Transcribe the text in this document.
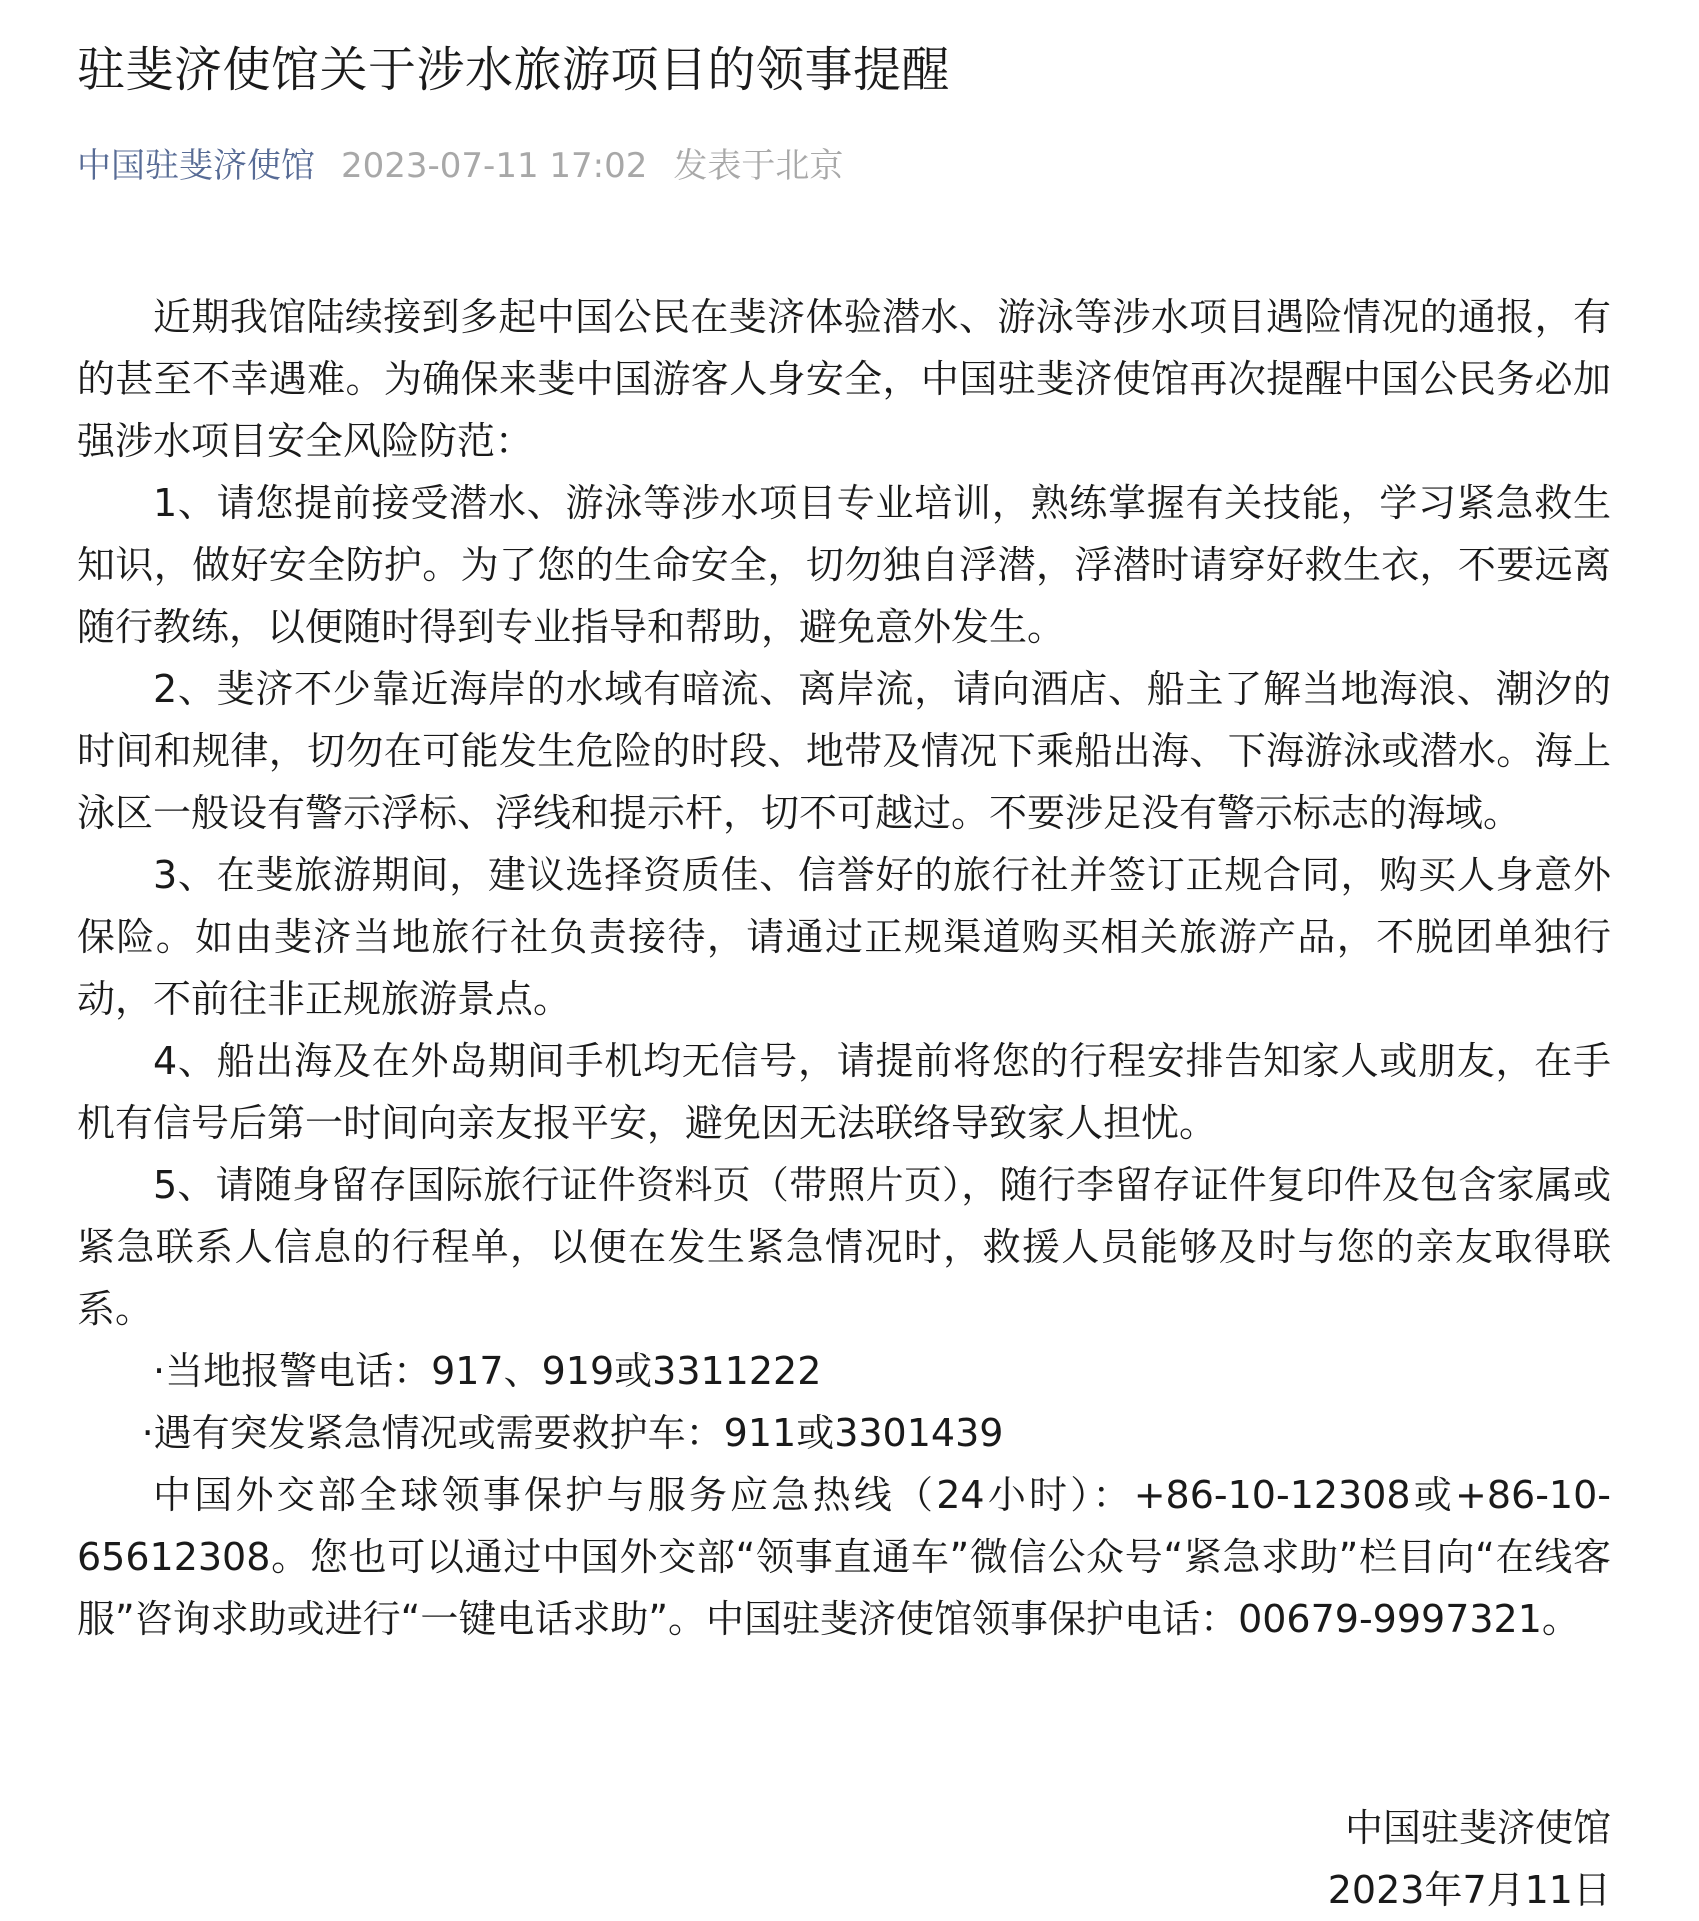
驻斐济使馆关于涉水旅游项目的领事提醒
中国驻斐济使馆 2023-07-11 17:02 发表于北京

近期我馆陆续接到多起中国公民在斐济体验潜水、游泳等涉水项目遇险情况的通报，有的甚至不幸遇难。为确保来斐中国游客人身安全，中国驻斐济使馆再次提醒中国公民务必加强涉水项目安全风险防范：

1、请您提前接受潜水、游泳等涉水项目专业培训，熟练掌握有关技能，学习紧急救生知识，做好安全防护。为了您的生命安全，切勿独自浮潜，浮潜时请穿好救生衣，不要远离随行教练，以便随时得到专业指导和帮助，避免意外发生。

2、斐济不少靠近海岸的水域有暗流、离岸流，请向酒店、船主了解当地海浪、潮汐的时间和规律，切勿在可能发生危险的时段、地带及情况下乘船出海、下海游泳或潜水。海上泳区一般设有警示浮标、浮线和提示杆，切不可越过。不要涉足没有警示标志的海域。

3、在斐旅游期间，建议选择资质佳、信誉好的旅行社并签订正规合同，购买人身意外保险。如由斐济当地旅行社负责接待，请通过正规渠道购买相关旅游产品，不脱团单独行动，不前往非正规旅游景点。

4、船出海及在外岛期间手机均无信号，请提前将您的行程安排告知家人或朋友，在手机有信号后第一时间向亲友报平安，避免因无法联络导致家人担忧。

5、请随身留存国际旅行证件资料页（带照片页），随行李留存证件复印件及包含家属或紧急联系人信息的行程单，以便在发生紧急情况时，救援人员能够及时与您的亲友取得联系。

·当地报警电话：917、919或3311222

·遇有突发紧急情况或需要救护车：911或3301439

中国外交部全球领事保护与服务应急热线（24小时）：+86-10-12308或+86-10-65612308。您也可以通过中国外交部“领事直通车”微信公众号“紧急求助”栏目向“在线客服”咨询求助或进行“一键电话求助”。中国驻斐济使馆领事保护电话：00679-9997321。

中国驻斐济使馆
2023年7月11日
